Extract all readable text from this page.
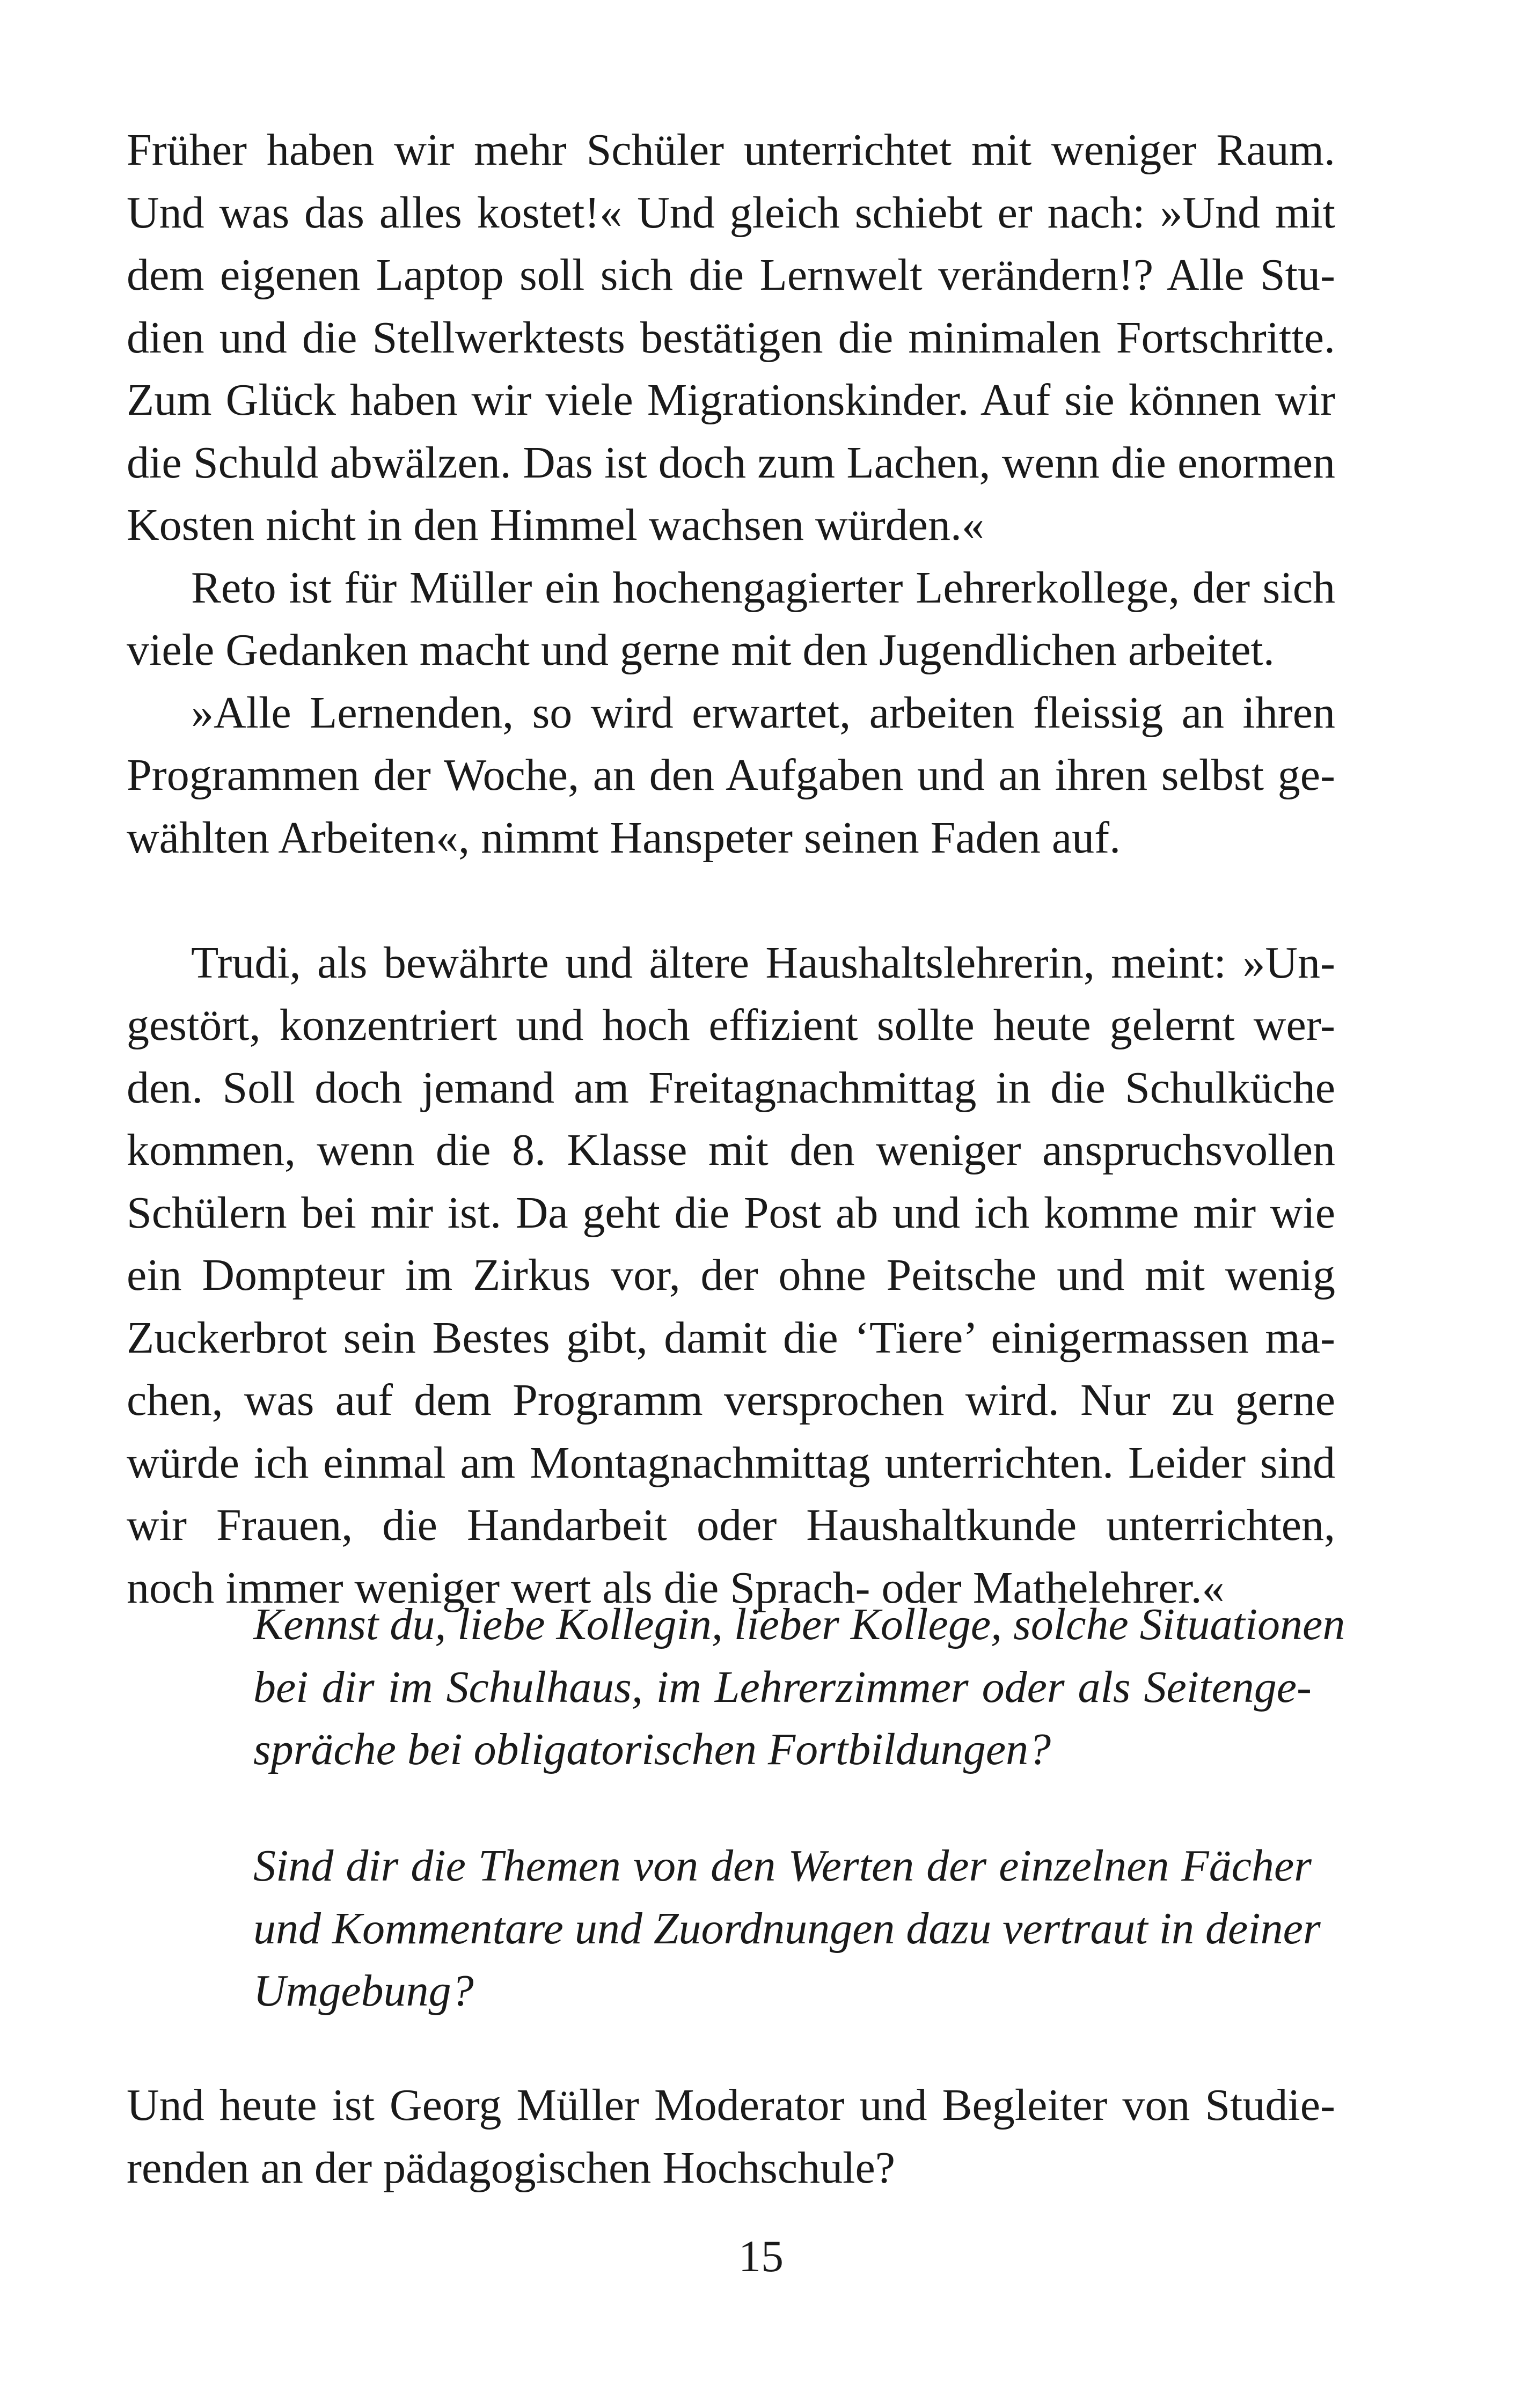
Früher haben wir mehr Schüler unterrichtet mit weniger Raum.
Und was das alles kostet!« Und gleich schiebt er nach: »Und mit
dem eigenen Laptop soll sich die Lernwelt verändern!? Alle Stu-
dien und die Stellwerktests bestätigen die minimalen Fortschritte.
Zum Glück haben wir viele Migrationskinder. Auf sie können wir
die Schuld abwälzen. Das ist doch zum Lachen, wenn die enormen
Kosten nicht in den Himmel wachsen würden.«
Reto ist für Müller ein hochengagierter Lehrerkollege, der sich
viele Gedanken macht und gerne mit den Jugendlichen arbeitet.
»Alle Lernenden, so wird erwartet, arbeiten fleissig an ihren
Programmen der Woche, an den Aufgaben und an ihren selbst ge-
wählten Arbeiten«, nimmt Hanspeter seinen Faden auf.
Trudi, als bewährte und ältere Haushaltslehrerin, meint: »Un-
gestört, konzentriert und hoch effizient sollte heute gelernt wer-
den. Soll doch jemand am Freitagnachmittag in die Schulküche
kommen, wenn die 8. Klasse mit den weniger anspruchsvollen
Schülern bei mir ist. Da geht die Post ab und ich komme mir wie
ein Dompteur im Zirkus vor, der ohne Peitsche und mit wenig
Zuckerbrot sein Bestes gibt, damit die ‘Tiere’ einigermassen ma-
chen, was auf dem Programm versprochen wird. Nur zu gerne
würde ich einmal am Montagnachmittag unterrichten. Leider sind
wir Frauen, die Handarbeit oder Haushaltkunde unterrichten,
noch immer weniger wert als die Sprach- oder Mathelehrer.«
Kennst du, liebe Kollegin, lieber Kollege, solche Situationen
bei dir im Schulhaus, im Lehrerzimmer oder als Seitenge-
spräche bei obligatorischen Fortbildungen?
Sind dir die Themen von den Werten der einzelnen Fächer
und Kommentare und Zuordnungen dazu vertraut in deiner
Umgebung?
Und heute ist Georg Müller Moderator und Begleiter von Studie-
renden an der pädagogischen Hochschule?
15
